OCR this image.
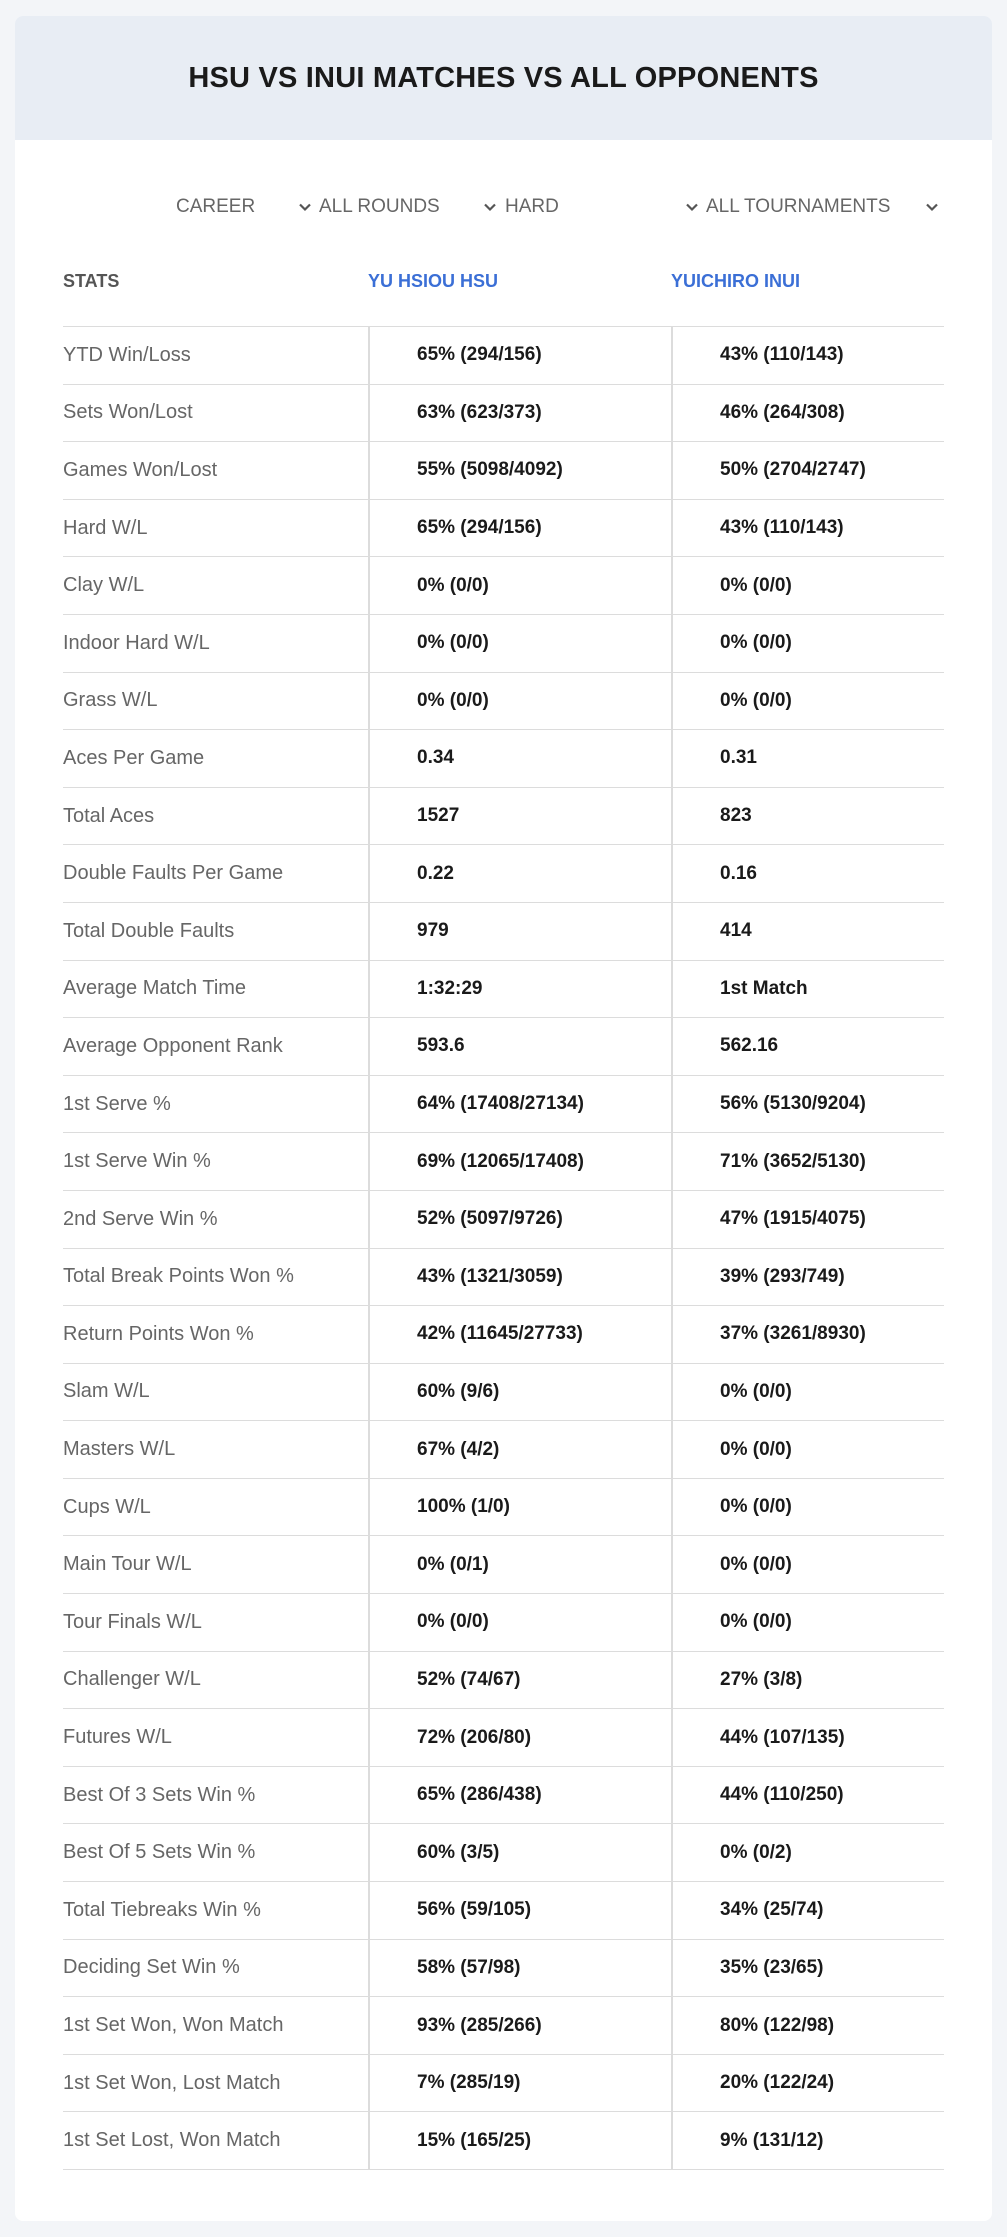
HSU VS INUI MATCHES VS ALL OPPONENTS
CAREER	ALL ROUNDS	HARD	ALL TOURNAMENTS
STATS	YU HSIOU HSU	YUICHIRO INUI
YTD Win/Loss	65% (294/156)	43% (110/143)
Sets Won/Lost	63% (623/373)	46% (264/308)
Games Won/Lost	55% (5098/4092)	50% (2704/2747)
Hard W/L	65% (294/156)	43% (110/143)
Clay W/L	0% (0/0)	0% (0/0)
Indoor Hard W/L	0% (0/0)	0% (0/0)
Grass W/L	0% (0/0)	0% (0/0)
Aces Per Game	0.34	0.31
Total Aces	1527	823
Double Faults Per Game	0.22	0.16
Total Double Faults	979	414
Average Match Time	1:32:29	1st Match
Average Opponent Rank	593.6	562.16
1st Serve %	64% (17408/27134)	56% (5130/9204)
1st Serve Win %	69% (12065/17408)	71% (3652/5130)
2nd Serve Win %	52% (5097/9726)	47% (1915/4075)
Total Break Points Won %	43% (1321/3059)	39% (293/749)
Return Points Won %	42% (11645/27733)	37% (3261/8930)
Slam W/L	60% (9/6)	0% (0/0)
Masters W/L	67% (4/2)	0% (0/0)
Cups W/L	100% (1/0)	0% (0/0)
Main Tour W/L	0% (0/1)	0% (0/0)
Tour Finals W/L	0% (0/0)	0% (0/0)
Challenger W/L	52% (74/67)	27% (3/8)
Futures W/L	72% (206/80)	44% (107/135)
Best Of 3 Sets Win %	65% (286/438)	44% (110/250)
Best Of 5 Sets Win %	60% (3/5)	0% (0/2)
Total Tiebreaks Win %	56% (59/105)	34% (25/74)
Deciding Set Win %	58% (57/98)	35% (23/65)
1st Set Won, Won Match	93% (285/266)	80% (122/98)
1st Set Won, Lost Match	7% (285/19)	20% (122/24)
1st Set Lost, Won Match	15% (165/25)	9% (131/12)
